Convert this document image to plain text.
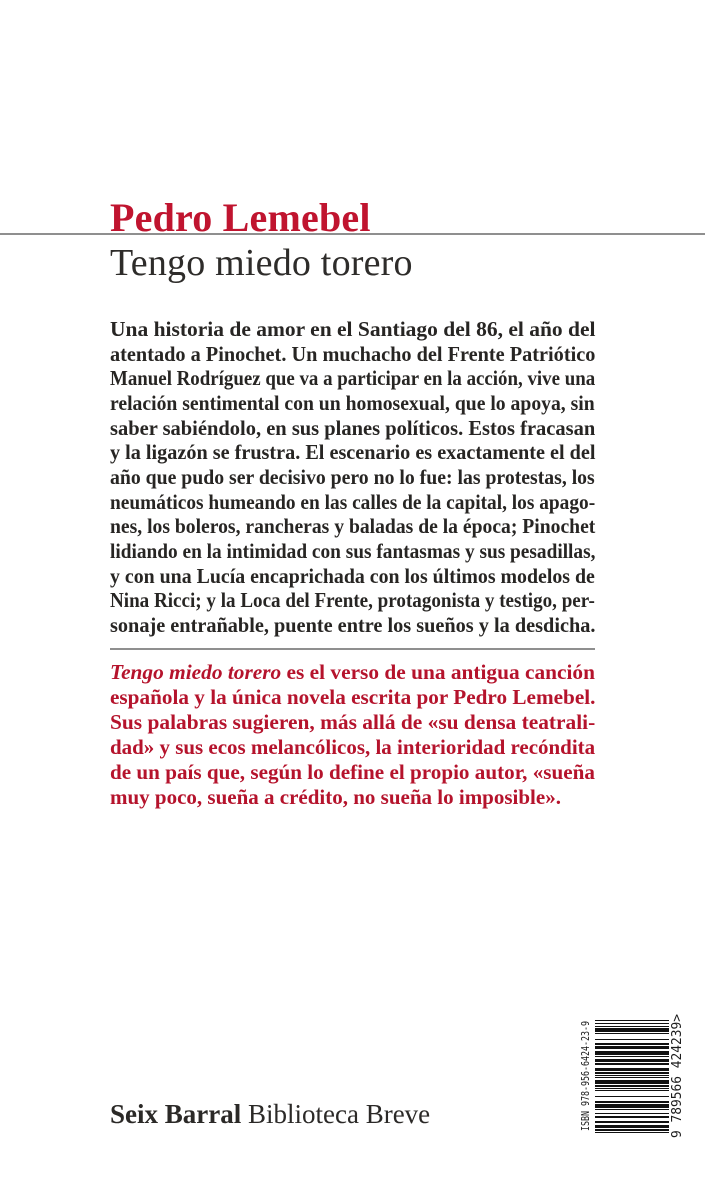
Pedro Lemebel
Tengo miedo torero
Una historia de amor en el Santiago del 86, el año del
atentado a Pinochet. Un muchacho del Frente Patriótico
Manuel Rodríguez que va a participar en la acción, vive una
relación sentimental con un homosexual, que lo apoya, sin
saber sabiéndolo, en sus planes políticos. Estos fracasan
y la ligazón se frustra. El escenario es exactamente el del
año que pudo ser decisivo pero no lo fue: las protestas, los
neumáticos humeando en las calles de la capital, los apago-
nes, los boleros, rancheras y baladas de la época; Pinochet
lidiando en la intimidad con sus fantasmas y sus pesadillas,
y con una Lucía encaprichada con los últimos modelos de
Nina Ricci; y la Loca del Frente, protagonista y testigo, per-
sonaje entrañable, puente entre los sueños y la desdicha.
Tengo miedo torero es el verso de una antigua canción
española y la única novela escrita por Pedro Lemebel.
Sus palabras sugieren, más allá de «su densa teatrali-
dad» y sus ecos melancólicos, la interioridad recóndita
de un país que, según lo define el propio autor, «sueña
muy poco, sueña a crédito, no sueña lo imposible».
ISBN 978-956-6424-23-9	9 789566 424239>
Seix Barral Biblioteca Breve
